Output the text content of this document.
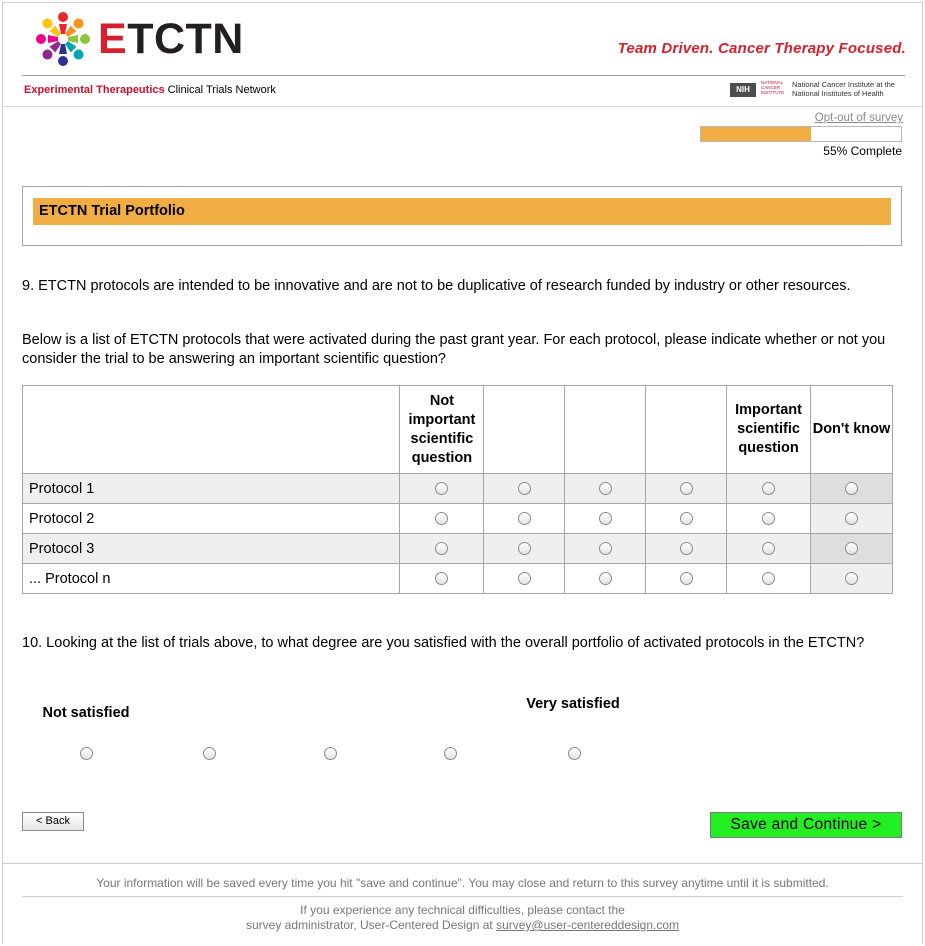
ETCTN	Team Driven. Cancer Therapy Focused.
Experimental Therapeutics Clinical Trials Network	NIH
NATIONAL CANCER INSTITUTE
National Cancer Institute at the
National Institutes of Health
Opt-out of survey
55% Complete
ETCTN Trial Portfolio
9. ETCTN protocols are intended to be innovative and are not to be duplicative of research funded by industry or other resources.
Below is a list of ETCTN protocols that were activated during the past grant year. For each protocol, please indicate whether or not you consider the trial to be answering an important scientific question?
	Not important scientific question				Important scientific question	Don't know
Protocol 1	

Protocol 2	

Protocol 3	

... Protocol n	

10. Looking at the list of trials above, to what degree are you satisfied with the overall portfolio of activated protocols in the ETCTN?
Not satisfied
Very satisfied
< Back	Save and Continue >
Your information will be saved every time you hit "save and continue". You may close and return to this survey anytime until it is submitted.
If you experience any technical difficulties, please contact the
survey administrator, User-Centered Design at survey@user-centereddesign.com
